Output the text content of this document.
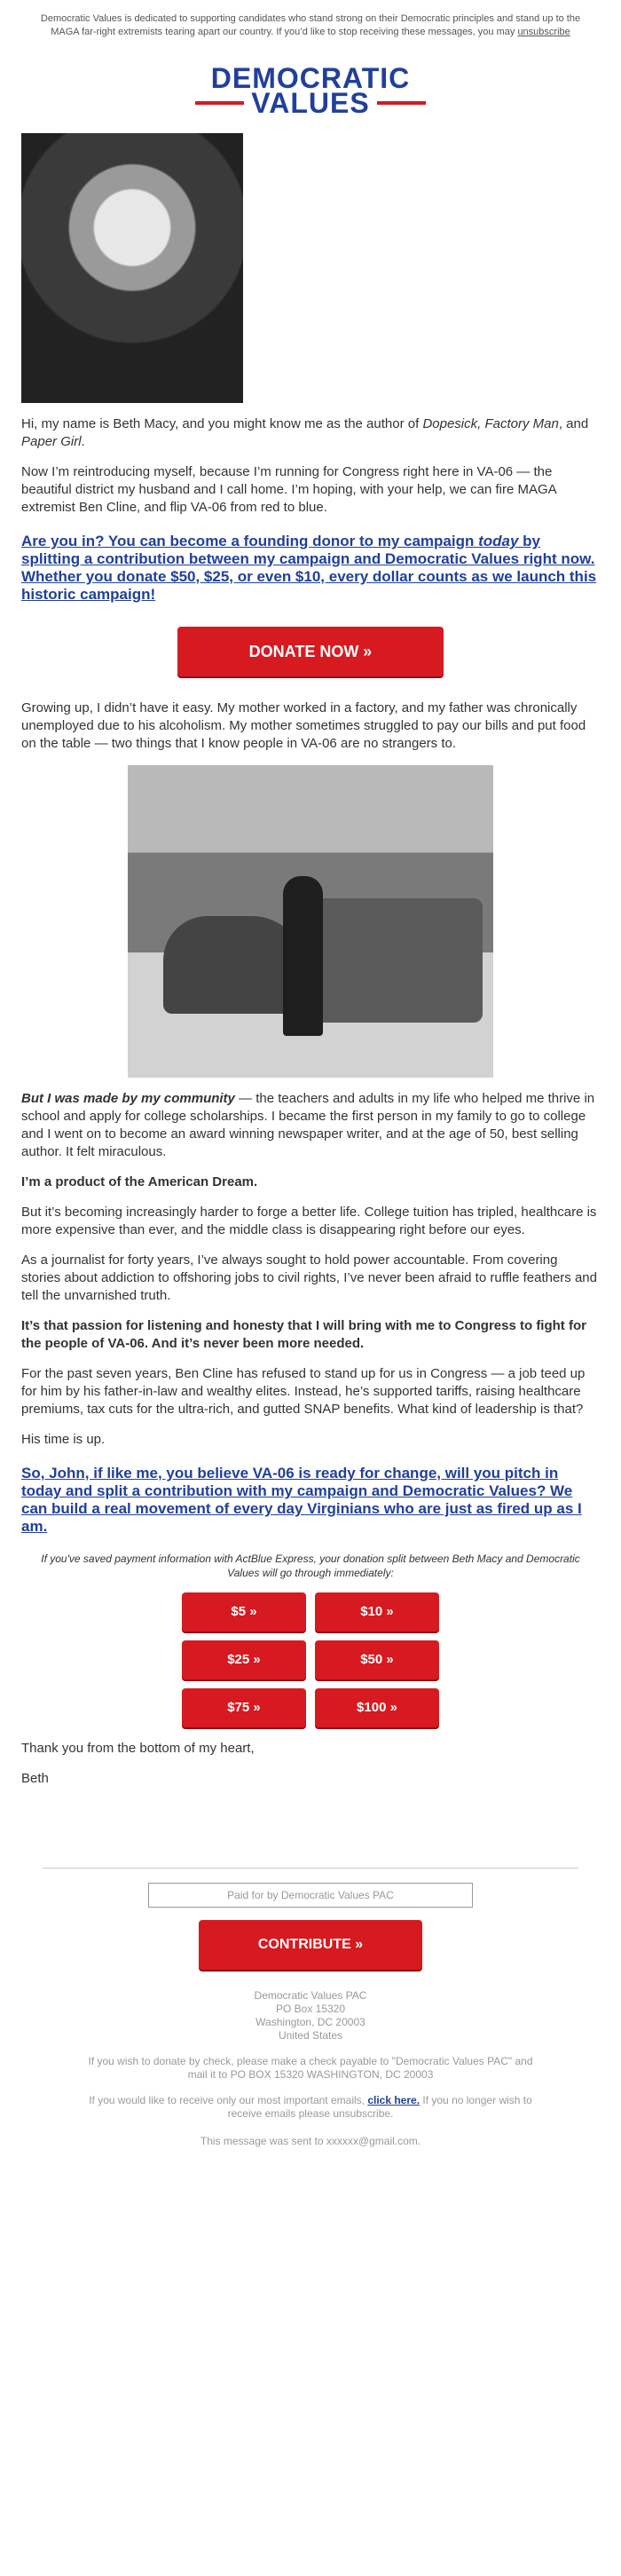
Democratic Values is dedicated to supporting candidates who stand strong on their Democratic principles and stand up to the MAGA far-right extremists tearing apart our country. If you’d like to stop receiving these messages, you may unsubscribe
DEMOCRATIC
VALUES

Hi, my name is Beth Macy, and you might know me as the author of Dopesick, Factory Man, and Paper Girl.

Now I’m reintroducing myself, because I’m running for Congress right here in VA-06 — the beautiful district my husband and I call home. I’m hoping, with your help, we can fire MAGA extremist Ben Cline, and flip VA-06 from red to blue.

Are you in? You can become a founding donor to my campaign today by splitting a contribution between my campaign and Democratic Values right now. Whether you donate $50, $25, or even $10, every dollar counts as we launch this historic campaign!
DONATE NOW »

Growing up, I didn’t have it easy. My mother worked in a factory, and my father was chronically unemployed due to his alcoholism. My mother sometimes struggled to pay our bills and put food on the table — two things that I know people in VA-06 are no strangers to.

But I was made by my community — the teachers and adults in my life who helped me thrive in school and apply for college scholarships. I became the first person in my family to go to college and I went on to become an award winning newspaper writer, and at the age of 50, best selling author. It felt miraculous.

I’m a product of the American Dream.

But it’s becoming increasingly harder to forge a better life. College tuition has tripled, healthcare is more expensive than ever, and the middle class is disappearing right before our eyes.

As a journalist for forty years, I’ve always sought to hold power accountable. From covering stories about addiction to offshoring jobs to civil rights, I’ve never been afraid to ruffle feathers and tell the unvarnished truth.

It’s that passion for listening and honesty that I will bring with me to Congress to fight for the people of VA-06. And it’s never been more needed.

For the past seven years, Ben Cline has refused to stand up for us in Congress — a job teed up for him by his father-in-law and wealthy elites. Instead, he’s supported tariffs, raising healthcare premiums, tax cuts for the ultra-rich, and gutted SNAP benefits. What kind of leadership is that?

His time is up.

So, John, if like me, you believe VA-06 is ready for change, will you pitch in today and split a contribution with my campaign and Democratic Values? We can build a real movement of every day Virginians who are just as fired up as I am.
If you've saved payment information with ActBlue Express, your donation split between Beth Macy and Democratic Values will go through immediately:
$5 »	$10 »
$25 »	$50 »
$75 »	$100 »

Thank you from the bottom of my heart,

Beth

Paid for by Democratic Values PAC
CONTRIBUTE »
Democratic Values PAC
PO Box 15320
Washington, DC 20003
United States
If you wish to donate by check, please make a check payable to "Democratic Values PAC" and mail it to PO BOX 15320 WASHINGTON, DC 20003
If you would like to receive only our most important emails, click here. If you no longer wish to receive emails please unsubscribe.
This message was sent to xxxxxx@gmail.com.
